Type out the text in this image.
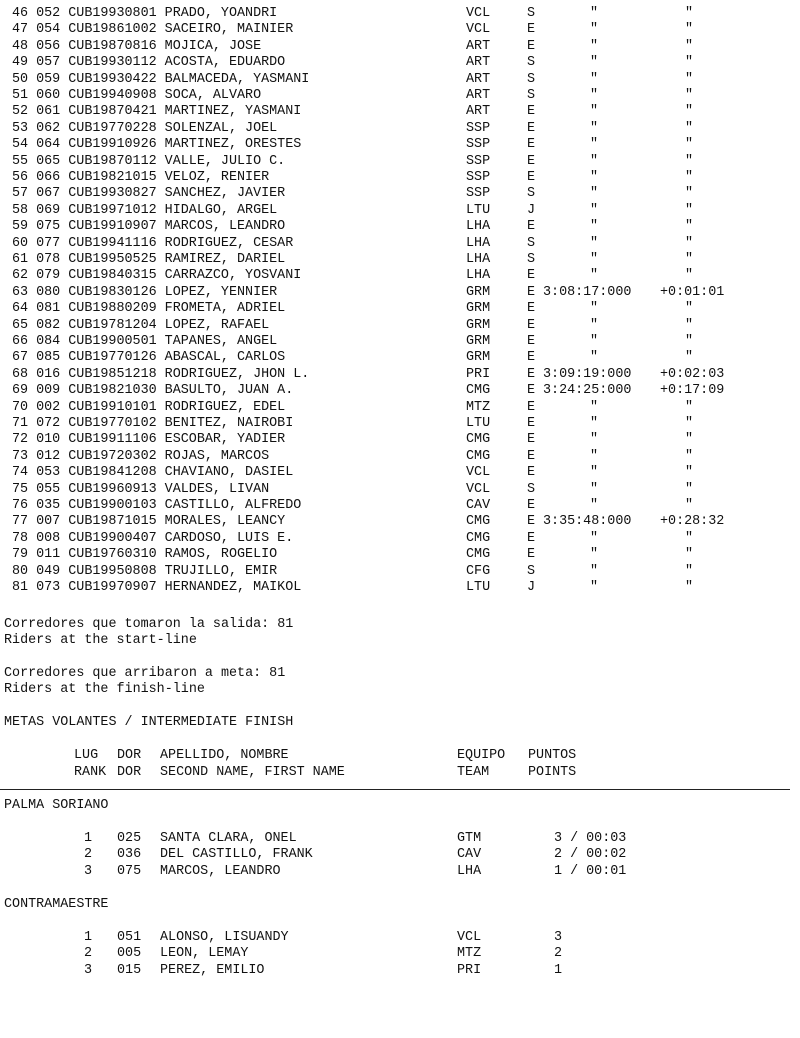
46 052 CUB19930801 PRADO, YOANDRI	VCL	S	"	"
47 054 CUB19861002 SACEIRO, MAINIER	VCL	E	"	"
48 056 CUB19870816 MOJICA, JOSE	ART	E	"	"
49 057 CUB19930112 ACOSTA, EDUARDO	ART	S	"	"
50 059 CUB19930422 BALMACEDA, YASMANI	ART	S	"	"
51 060 CUB19940908 SOCA, ALVARO	ART	S	"	"
52 061 CUB19870421 MARTINEZ, YASMANI	ART	E	"	"
53 062 CUB19770228 SOLENZAL, JOEL	SSP	E	"	"
54 064 CUB19910926 MARTINEZ, ORESTES	SSP	E	"	"
55 065 CUB19870112 VALLE, JULIO C.	SSP	E	"	"
56 066 CUB19821015 VELOZ, RENIER	SSP	E	"	"
57 067 CUB19930827 SANCHEZ, JAVIER	SSP	S	"	"
58 069 CUB19971012 HIDALGO, ARGEL	LTU	J	"	"
59 075 CUB19910907 MARCOS, LEANDRO	LHA	E	"	"
60 077 CUB19941116 RODRIGUEZ, CESAR	LHA	S	"	"
61 078 CUB19950525 RAMIREZ, DARIEL	LHA	S	"	"
62 079 CUB19840315 CARRAZCO, YOSVANI	LHA	E	"	"
63 080 CUB19830126 LOPEZ, YENNIER	GRM	E 3:08:17:000 +0:01:01
64 081 CUB19880209 FROMETA, ADRIEL	GRM	E	"	"
65 082 CUB19781204 LOPEZ, RAFAEL	GRM	E	"	"
66 084 CUB19900501 TAPANES, ANGEL	GRM	E	"	"
67 085 CUB19770126 ABASCAL, CARLOS	GRM	E	"	"
68 016 CUB19851218 RODRIGUEZ, JHON L.	PRI	E 3:09:19:000 +0:02:03
69 009 CUB19821030 BASULTO, JUAN A.	CMG	E 3:24:25:000 +0:17:09
70 002 CUB19910101 RODRIGUEZ, EDEL	MTZ	E	"	"
71 072 CUB19770102 BENITEZ, NAIROBI	LTU	E	"	"
72 010 CUB19911106 ESCOBAR, YADIER	CMG	E	"	"
73 012 CUB19720302 ROJAS, MARCOS	CMG	E	"	"
74 053 CUB19841208 CHAVIANO, DASIEL	VCL	E	"	"
75 055 CUB19960913 VALDES, LIVAN	VCL	S	"	"
76 035 CUB19900103 CASTILLO, ALFREDO	CAV	E	"	"
77 007 CUB19871015 MORALES, LEANCY	CMG	E 3:35:48:000 +0:28:32
78 008 CUB19900407 CARDOSO, LUIS E.	CMG	E	"	"
79 011 CUB19760310 RAMOS, ROGELIO	CMG	E	"	"
80 049 CUB19950808 TRUJILLO, EMIR	CFG	S	"	"
81 073 CUB19970907 HERNANDEZ, MAIKOL	LTU	J	"	"
Corredores que tomaron la salida: 81
Riders at the start-line
Corredores que arribaron a meta: 81
Riders at the finish-line
METAS VOLANTES / INTERMEDIATE FINISH
LUG DOR APELLIDO, NOMBRE	EQUIPO PUNTOS
RANK DOR SECOND NAME, FIRST NAME	TEAM	POINTS
PALMA SORIANO
1 025 SANTA CLARA, ONEL	GTM	3 / 00:03
2 036 DEL CASTILLO, FRANK	CAV	2 / 00:02
3 075 MARCOS, LEANDRO	LHA	1 / 00:01
CONTRAMAESTRE
1 051 ALONSO, LISUANDY	VCL	3
2 005 LEON, LEMAY	MTZ	2
3 015 PEREZ, EMILIO	PRI	1
